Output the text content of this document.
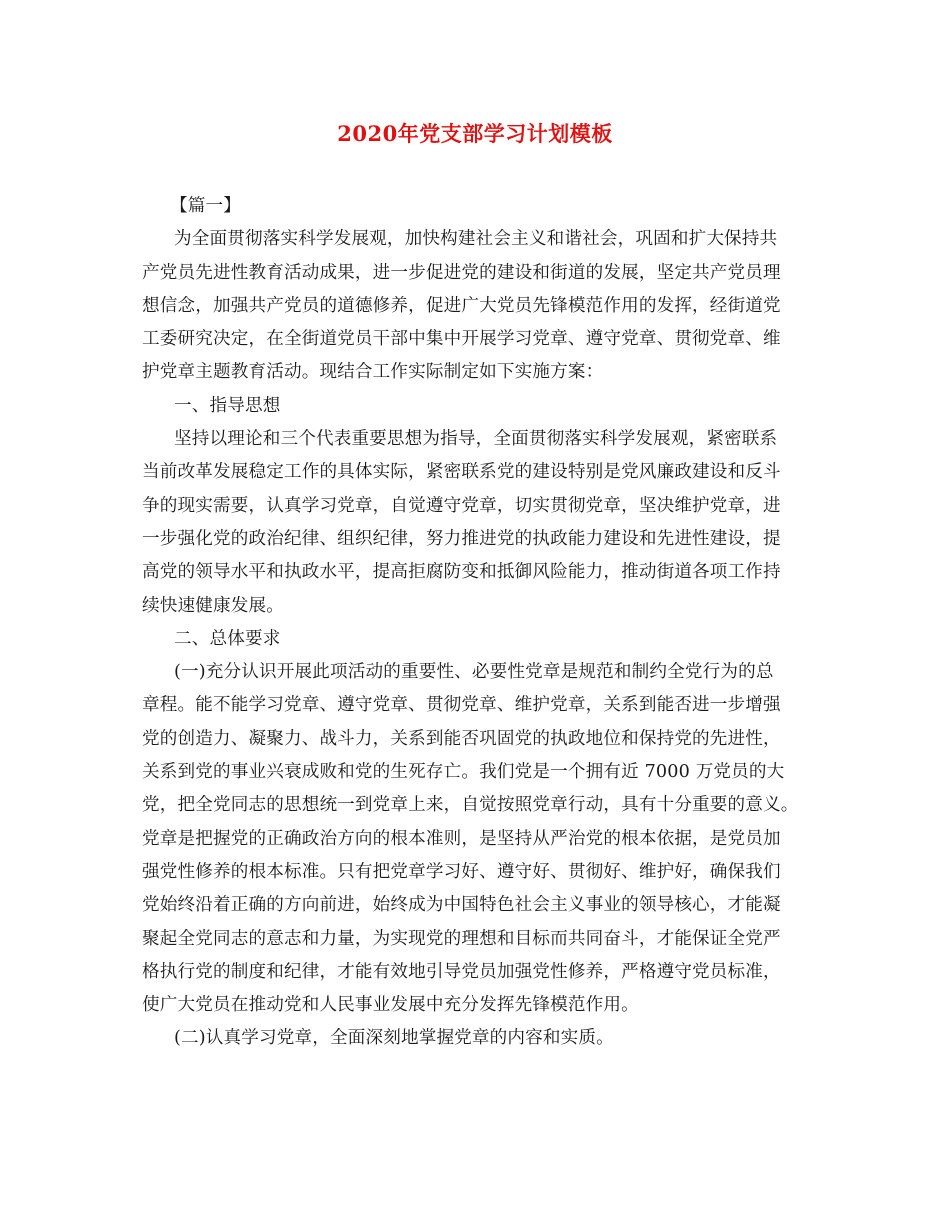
2020年党支部学习计划模板
【篇一】
为全面贯彻落实科学发展观，加快构建社会主义和谐社会，巩固和扩大保持共
产党员先进性教育活动成果，进一步促进党的建设和街道的发展，坚定共产党员理
想信念，加强共产党员的道德修养，促进广大党员先锋模范作用的发挥，经街道党
工委研究决定，在全街道党员干部中集中开展学习党章、遵守党章、贯彻党章、维
护党章主题教育活动。现结合工作实际制定如下实施方案：
一、指导思想
坚持以理论和三个代表重要思想为指导，全面贯彻落实科学发展观，紧密联系
当前改革发展稳定工作的具体实际，紧密联系党的建设特别是党风廉政建设和反斗
争的现实需要，认真学习党章，自觉遵守党章，切实贯彻党章，坚决维护党章，进
一步强化党的政治纪律、组织纪律，努力推进党的执政能力建设和先进性建设，提
高党的领导水平和执政水平，提高拒腐防变和抵御风险能力，推动街道各项工作持
续快速健康发展。
二、总体要求
(一)充分认识开展此项活动的重要性、必要性党章是规范和制约全党行为的总
章程。能不能学习党章、遵守党章、贯彻党章、维护党章，关系到能否进一步增强
党的创造力、凝聚力、战斗力，关系到能否巩固党的执政地位和保持党的先进性，
关系到党的事业兴衰成败和党的生死存亡。我们党是一个拥有近 7000 万党员的大
党，把全党同志的思想统一到党章上来，自觉按照党章行动，具有十分重要的意义。
党章是把握党的正确政治方向的根本准则，是坚持从严治党的根本依据，是党员加
强党性修养的根本标准。只有把党章学习好、遵守好、贯彻好、维护好，确保我们
党始终沿着正确的方向前进，始终成为中国特色社会主义事业的领导核心，才能凝
聚起全党同志的意志和力量，为实现党的理想和目标而共同奋斗，才能保证全党严
格执行党的制度和纪律，才能有效地引导党员加强党性修养，严格遵守党员标准，
使广大党员在推动党和人民事业发展中充分发挥先锋模范作用。
(二)认真学习党章，全面深刻地掌握党章的内容和实质。
